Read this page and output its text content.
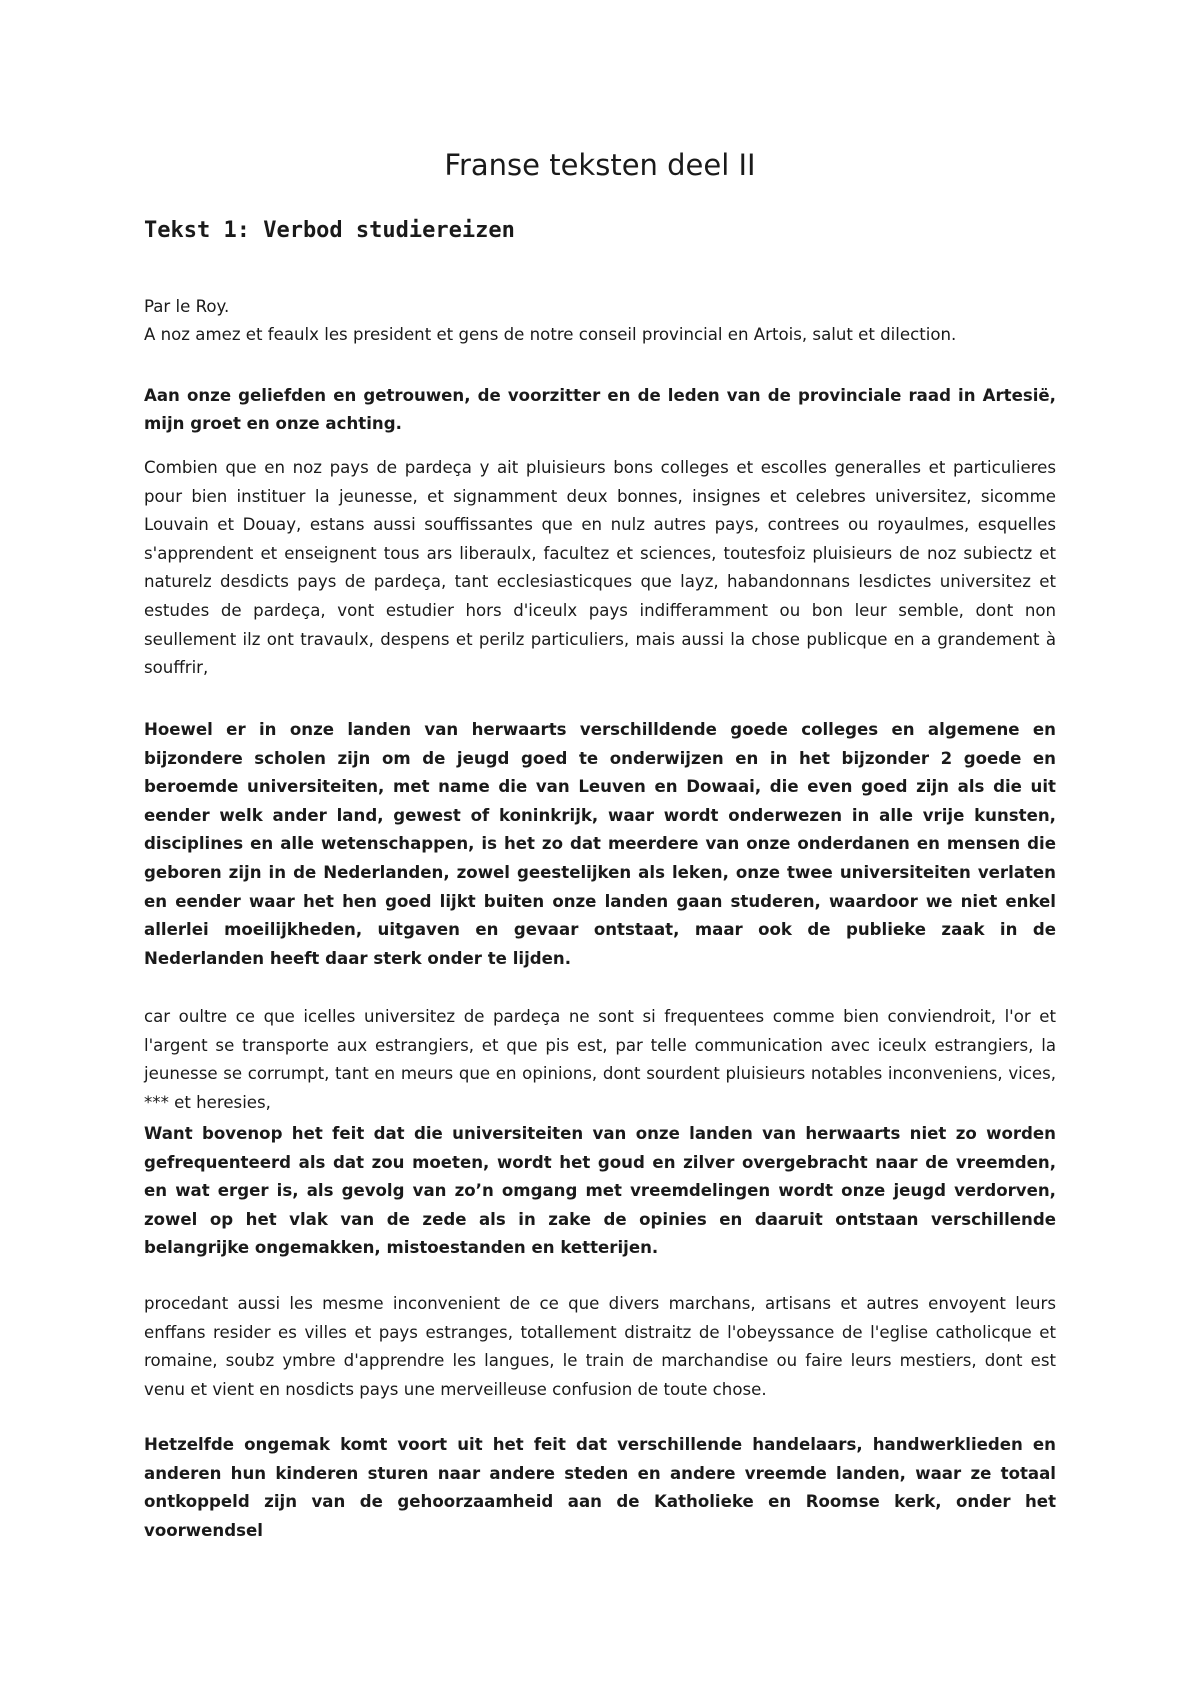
Franse teksten deel II
Tekst 1: Verbod studiereizen

Par le Roy.

A noz amez et feaulx les president et gens de notre conseil provincial en Artois, salut et dilection.

Aan onze geliefden en getrouwen, de voorzitter en de leden van de provinciale raad in Artesië, mijn groet en onze achting.

Combien que en noz pays de pardeça y ait pluisieurs bons colleges et escolles generalles et particulieres pour bien instituer la jeunesse, et signamment deux bonnes, insignes et celebres universitez, sicomme Louvain et Douay, estans aussi souffissantes que en nulz autres pays, contrees ou royaulmes, esquelles s'apprendent et enseignent tous ars liberaulx, facultez et sciences, toutesfoiz pluisieurs de noz subiectz et naturelz desdicts pays de pardeça, tant ecclesiasticques que layz, habandonnans lesdictes universitez et estudes de pardeça, vont estudier hors d'iceulx pays indifferamment ou bon leur semble, dont non seullement ilz ont travaulx, despens et perilz particuliers, mais aussi la chose publicque en a grandement à souffrir,

Hoewel er in onze landen van herwaarts verschilldende goede colleges en algemene en bijzondere scholen zijn om de jeugd goed te onderwijzen en in het bijzonder 2 goede en beroemde universiteiten, met name die van Leuven en Dowaai, die even goed zijn als die uit eender welk ander land, gewest of koninkrijk, waar wordt onderwezen in alle vrije kunsten, disciplines en alle wetenschappen, is het zo dat meerdere van onze onderdanen en mensen die geboren zijn in de Nederlanden, zowel geestelijken als leken, onze twee universiteiten verlaten en eender waar het hen goed lijkt buiten onze landen gaan studeren, waardoor we niet enkel allerlei moeilijkheden, uitgaven en gevaar ontstaat, maar ook de publieke zaak in de Nederlanden heeft daar sterk onder te lijden.

car oultre ce que icelles universitez de pardeça ne sont si frequentees comme bien conviendroit, l'or et l'argent se transporte aux estrangiers, et que pis est, par telle communication avec iceulx estrangiers, la jeunesse se corrumpt, tant en meurs que en opinions, dont sourdent pluisieurs notables inconveniens, vices, *** et heresies,

Want bovenop het feit dat die universiteiten van onze landen van herwaarts niet zo worden gefrequenteerd als dat zou moeten, wordt het goud en zilver overgebracht naar de vreemden, en wat erger is, als gevolg van zo’n omgang met vreemdelingen wordt onze jeugd verdorven, zowel op het vlak van de zede als in zake de opinies en daaruit ontstaan verschillende belangrijke ongemakken, mistoestanden en ketterijen.

procedant aussi les mesme inconvenient de ce que divers marchans, artisans et autres envoyent leurs enffans resider es villes et pays estranges, totallement distraitz de l'obeyssance de l'eglise catholicque et romaine, soubz ymbre d'apprendre les langues, le train de marchandise ou faire leurs mestiers, dont est venu et vient en nosdicts pays une merveilleuse confusion de toute chose.

Hetzelfde ongemak komt voort uit het feit dat verschillende handelaars, handwerklieden en anderen hun kinderen sturen naar andere steden en andere vreemde landen, waar ze totaal ontkoppeld zijn van de gehoorzaamheid aan de Katholieke en Roomse kerk, onder het voorwendsel
